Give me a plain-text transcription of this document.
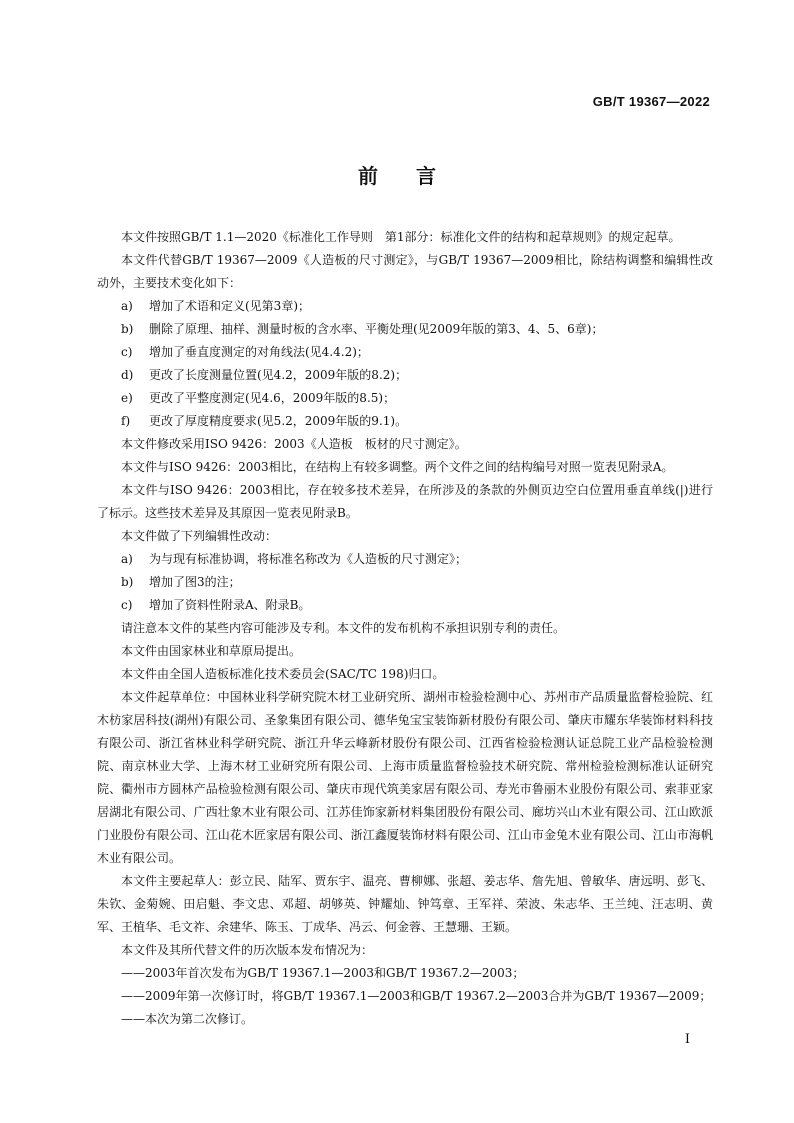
GB/T 19367—2022
前言

本文件按照GB/T 1.1—2020《标准化工作导则　第1部分：标准化文件的结构和起草规则》的规定起草。

本文件代替GB/T 19367—2009《人造板的尺寸测定》，与GB/T 19367—2009相比，除结构调整和编辑性改动外，主要技术变化如下：

a) 增加了术语和定义(见第3章)；

b) 删除了原理、抽样、测量时板的含水率、平衡处理(见2009年版的第3、4、5、6章)；

c) 增加了垂直度测定的对角线法(见4.4.2)；

d) 更改了长度测量位置(见4.2，2009年版的8.2)；

e) 更改了平整度测定(见4.6，2009年版的8.5)；

f) 更改了厚度精度要求(见5.2，2009年版的9.1)。

本文件修改采用ISO 9426：2003《人造板　板材的尺寸测定》。

本文件与ISO 9426：2003相比，在结构上有较多调整。两个文件之间的结构编号对照一览表见附录A。

本文件与ISO 9426：2003相比，存在较多技术差异，在所涉及的条款的外侧页边空白位置用垂直单线(|)进行了标示。这些技术差异及其原因一览表见附录B。

本文件做了下列编辑性改动：

a) 为与现有标准协调，将标准名称改为《人造板的尺寸测定》；

b) 增加了图3的注；

c) 增加了资料性附录A、附录B。

请注意本文件的某些内容可能涉及专利。本文件的发布机构不承担识别专利的责任。

本文件由国家林业和草原局提出。

本文件由全国人造板标准化技术委员会(SAC/TC 198)归口。

本文件起草单位：中国林业科学研究院木材工业研究所、湖州市检验检测中心、苏州市产品质量监督检验院、红木枋家居科技(湖州)有限公司、圣象集团有限公司、德华兔宝宝装饰新材股份有限公司、肇庆市耀东华装饰材料科技有限公司、浙江省林业科学研究院、浙江升华云峰新材股份有限公司、江西省检验检测认证总院工业产品检验检测院、南京林业大学、上海木材工业研究所有限公司、上海市质量监督检验技术研究院、常州检验检测标准认证研究院、衢州市方圆林产品检验检测有限公司、肇庆市现代筑美家居有限公司、寿光市鲁丽木业股份有限公司、索菲亚家居湖北有限公司、广西壮象木业有限公司、江苏佳饰家新材料集团股份有限公司、廊坊兴山木业有限公司、江山欧派门业股份有限公司、江山花木匠家居有限公司、浙江鑫厦装饰材料有限公司、江山市金兔木业有限公司、江山市海帆木业有限公司。

本文件主要起草人：彭立民、陆军、贾东宇、温亮、曹柳娜、张超、姜志华、詹先旭、曾敏华、唐远明、彭飞、朱钦、金菊婉、田启魁、李文忠、邓超、胡够英、钟耀灿、钟笃章、王军祥、荣波、朱志华、王兰纯、汪志明、黄军、王植华、毛文祚、余建华、陈玉、丁成华、冯云、何金蓉、王慧珊、王颖。

本文件及其所代替文件的历次版本发布情况为：

——2003年首次发布为GB/T 19367.1—2003和GB/T 19367.2—2003；

——2009年第一次修订时，将GB/T 19367.1—2003和GB/T 19367.2—2003合并为GB/T 19367—2009；

——本次为第二次修订。

I
